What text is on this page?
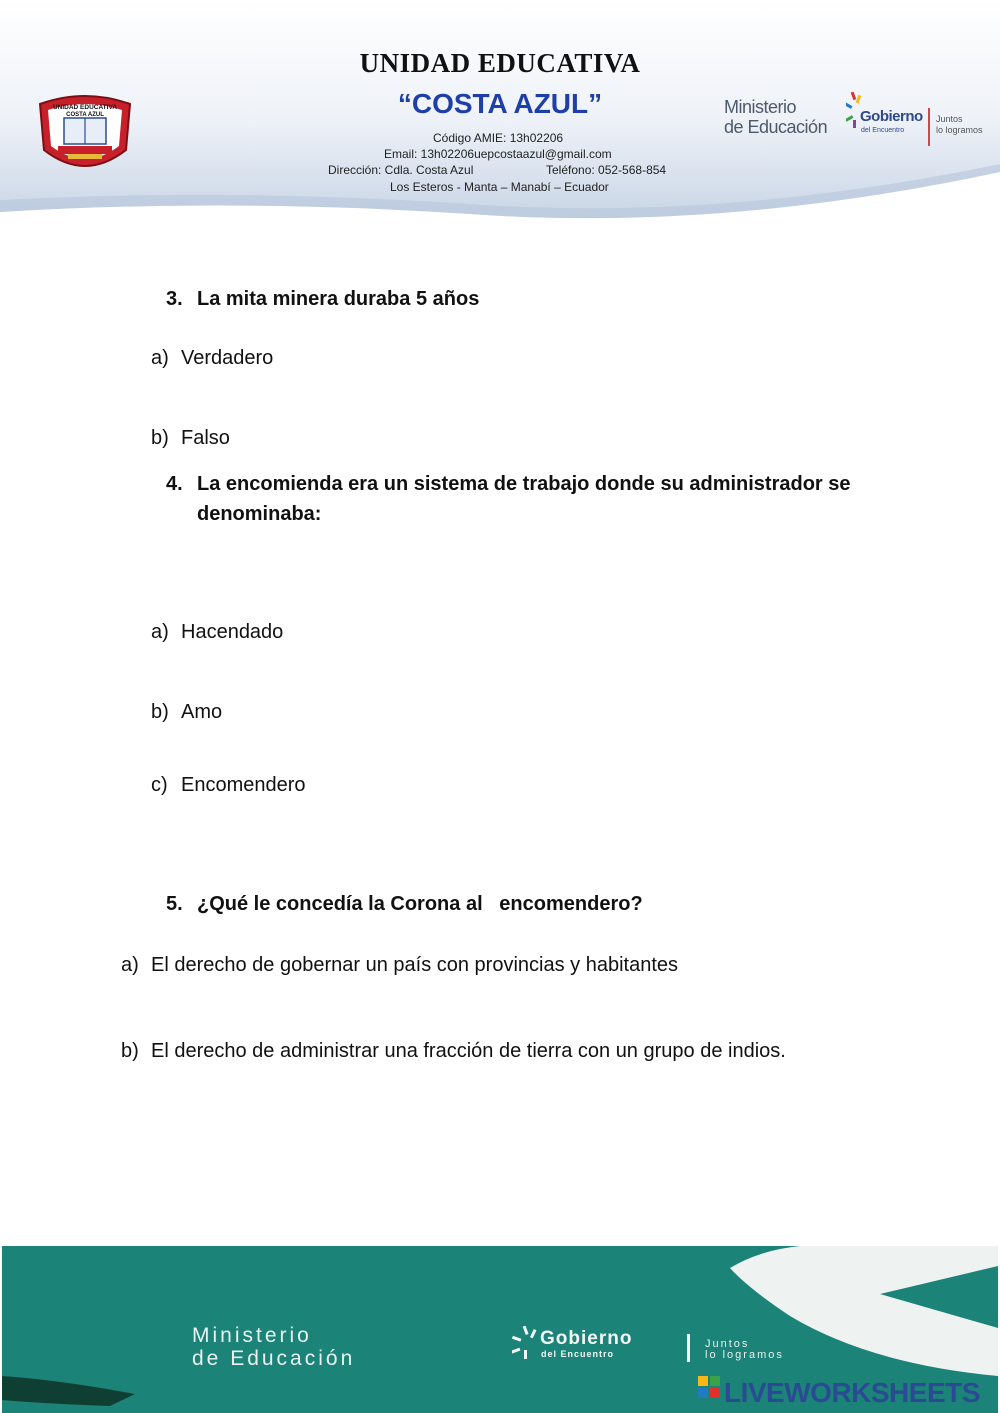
UNIDAD EDUCATIVA
COSTA AZUL
UNIDAD EDUCATIVA
“COSTA AZUL”
Código AMIE: 13h02206
Email: 13h02206uepcostaazul@gmail.com
Dirección: Cdla. Costa Azul	Teléfono: 052-568-854
Los Esteros - Manta – Manabí – Ecuador
Ministerio
de Educación
Gobierno
del Encuentro
Juntos
lo logramos
3. La mita minera duraba 5 años
a) Verdadero
b) Falso
4. La encomienda era un sistema de trabajo donde su administrador se denominaba:
a) Hacendado
b) Amo
c) Encomendero

5.

¿Qué le concedía la Corona al   encomendero?

a) El derecho de gobernar un país con provincias y habitantes
b) El derecho de administrar una fracción de tierra con un grupo de indios.
Ministerio
de Educación
Gobierno
del Encuentro
Juntos
lo logramos
LIVEWORKSHEETS
